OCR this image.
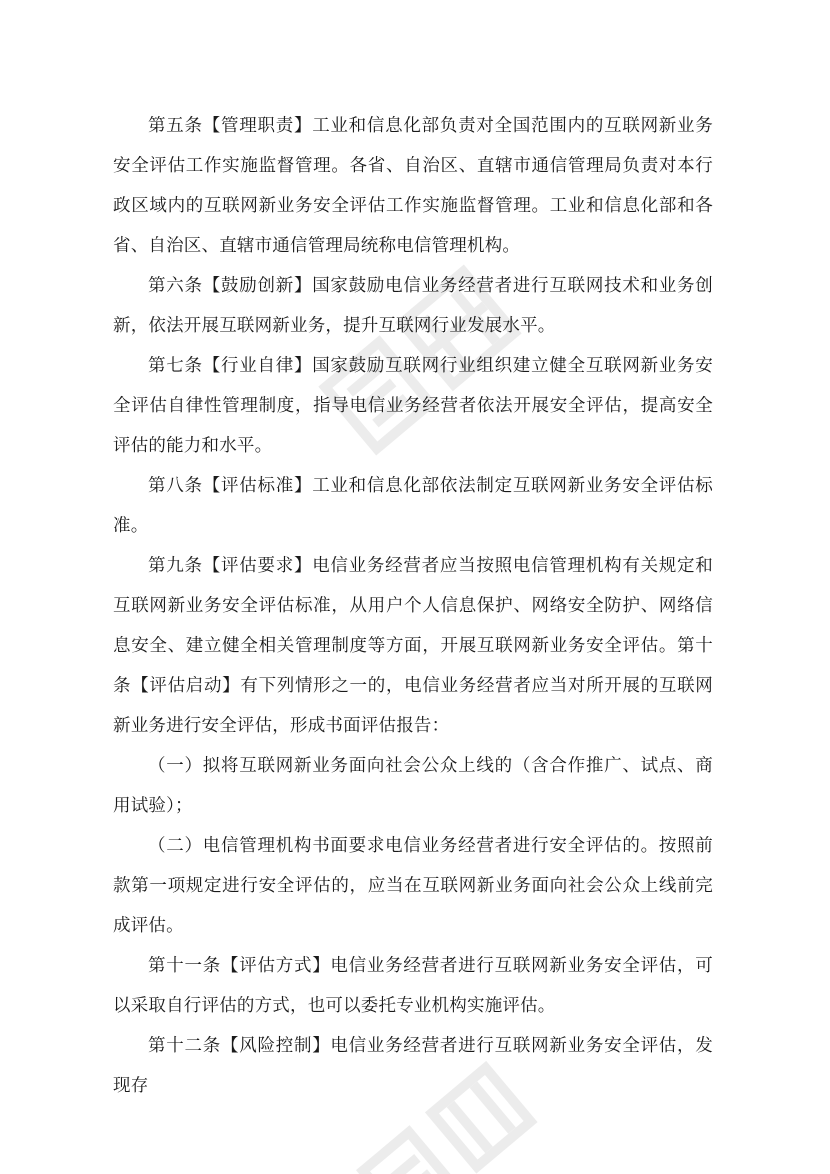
第五条【管理职责】工业和信息化部负责对全国范围内的互联网新业务安全评估工作实施监督管理。各省、自治区、直辖市通信管理局负责对本行政区域内的互联网新业务安全评估工作实施监督管理。工业和信息化部和各省、自治区、直辖市通信管理局统称电信管理机构。

第六条【鼓励创新】国家鼓励电信业务经营者进行互联网技术和业务创新，依法开展互联网新业务，提升互联网行业发展水平。

第七条【行业自律】国家鼓励互联网行业组织建立健全互联网新业务安全评估自律性管理制度，指导电信业务经营者依法开展安全评估，提高安全评估的能力和水平。

第八条【评估标准】工业和信息化部依法制定互联网新业务安全评估标准。

第九条【评估要求】电信业务经营者应当按照电信管理机构有关规定和互联网新业务安全评估标准，从用户个人信息保护、网络安全防护、网络信息安全、建立健全相关管理制度等方面，开展互联网新业务安全评估。第十条【评估启动】有下列情形之一的，电信业务经营者应当对所开展的互联网新业务进行安全评估，形成书面评估报告：

（一）拟将互联网新业务面向社会公众上线的（含合作推广、试点、商用试验）；

（二）电信管理机构书面要求电信业务经营者进行安全评估的。按照前款第一项规定进行安全评估的，应当在互联网新业务面向社会公众上线前完成评估。

第十一条【评估方式】电信业务经营者进行互联网新业务安全评估，可以采取自行评估的方式，也可以委托专业机构实施评估。

第十二条【风险控制】电信业务经营者进行互联网新业务安全评估，发现存
